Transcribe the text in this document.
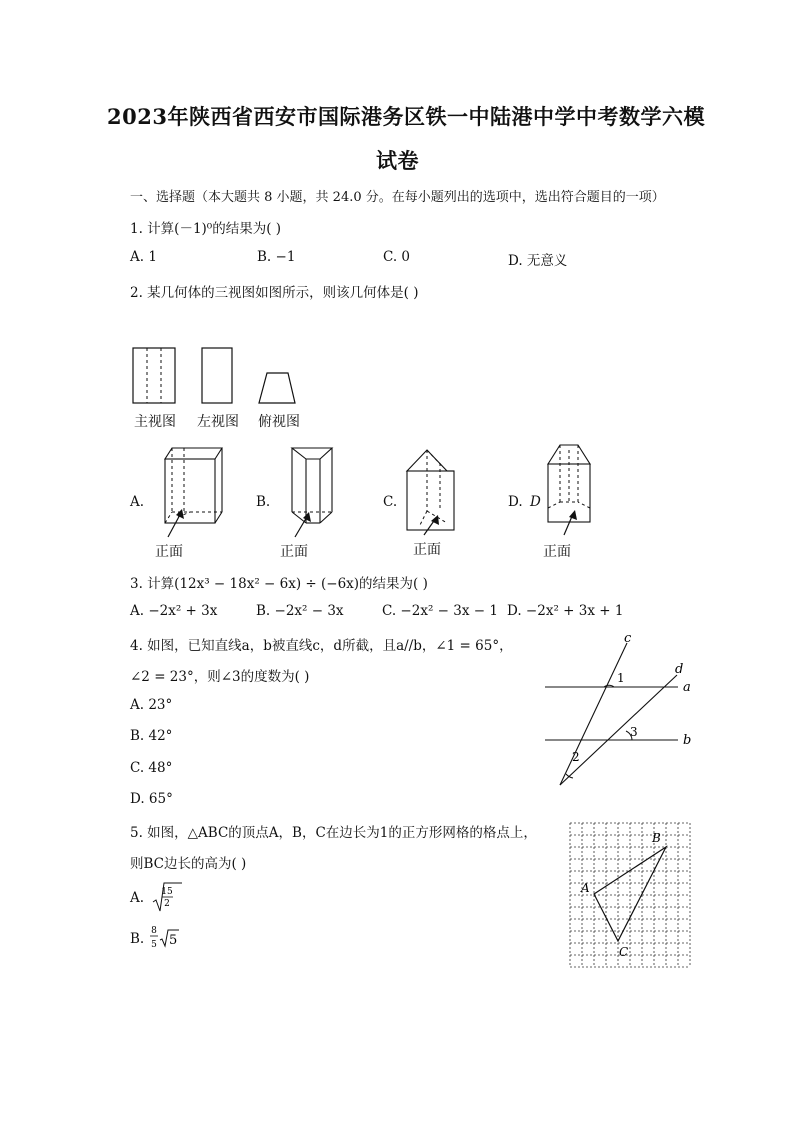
2023年陕西省西安市国际港务区铁一中陆港中学中考数学六模
试卷
一、选择题（本大题共 8 小题，共 24.0 分。在每小题列出的选项中，选出符合题目的一项）
1. 计算(－1)⁰的结果为( )
A. 1	B. −1	C. 0	D. 无意义
2. 某几何体的三视图如图所示，则该几何体是( )
主视图 左视图 俯视图
A.	B.	C.	D. D
正面	正面	正面	正面
3. 计算(12x³ − 18x² − 6x) ÷ (−6x)的结果为( )
A. −2x² + 3x	B. −2x² − 3x	C. −2x² − 3x − 1 D. −2x² + 3x + 1
4. 如图，已知直线a，b被直线c，d所截，且a//b，∠1 = 65°，
∠2 = 23°，则∠3的度数为( )
A. 23°
B. 42°
C. 48°
D. 65°
c
d
a
b
1
2
3
5. 如图，△ABC的顶点A，B，C在边长为1的正方形网格的格点上，
则BC边长的高为( )
A. 15
2
B. 8
5 5
A
B
C
